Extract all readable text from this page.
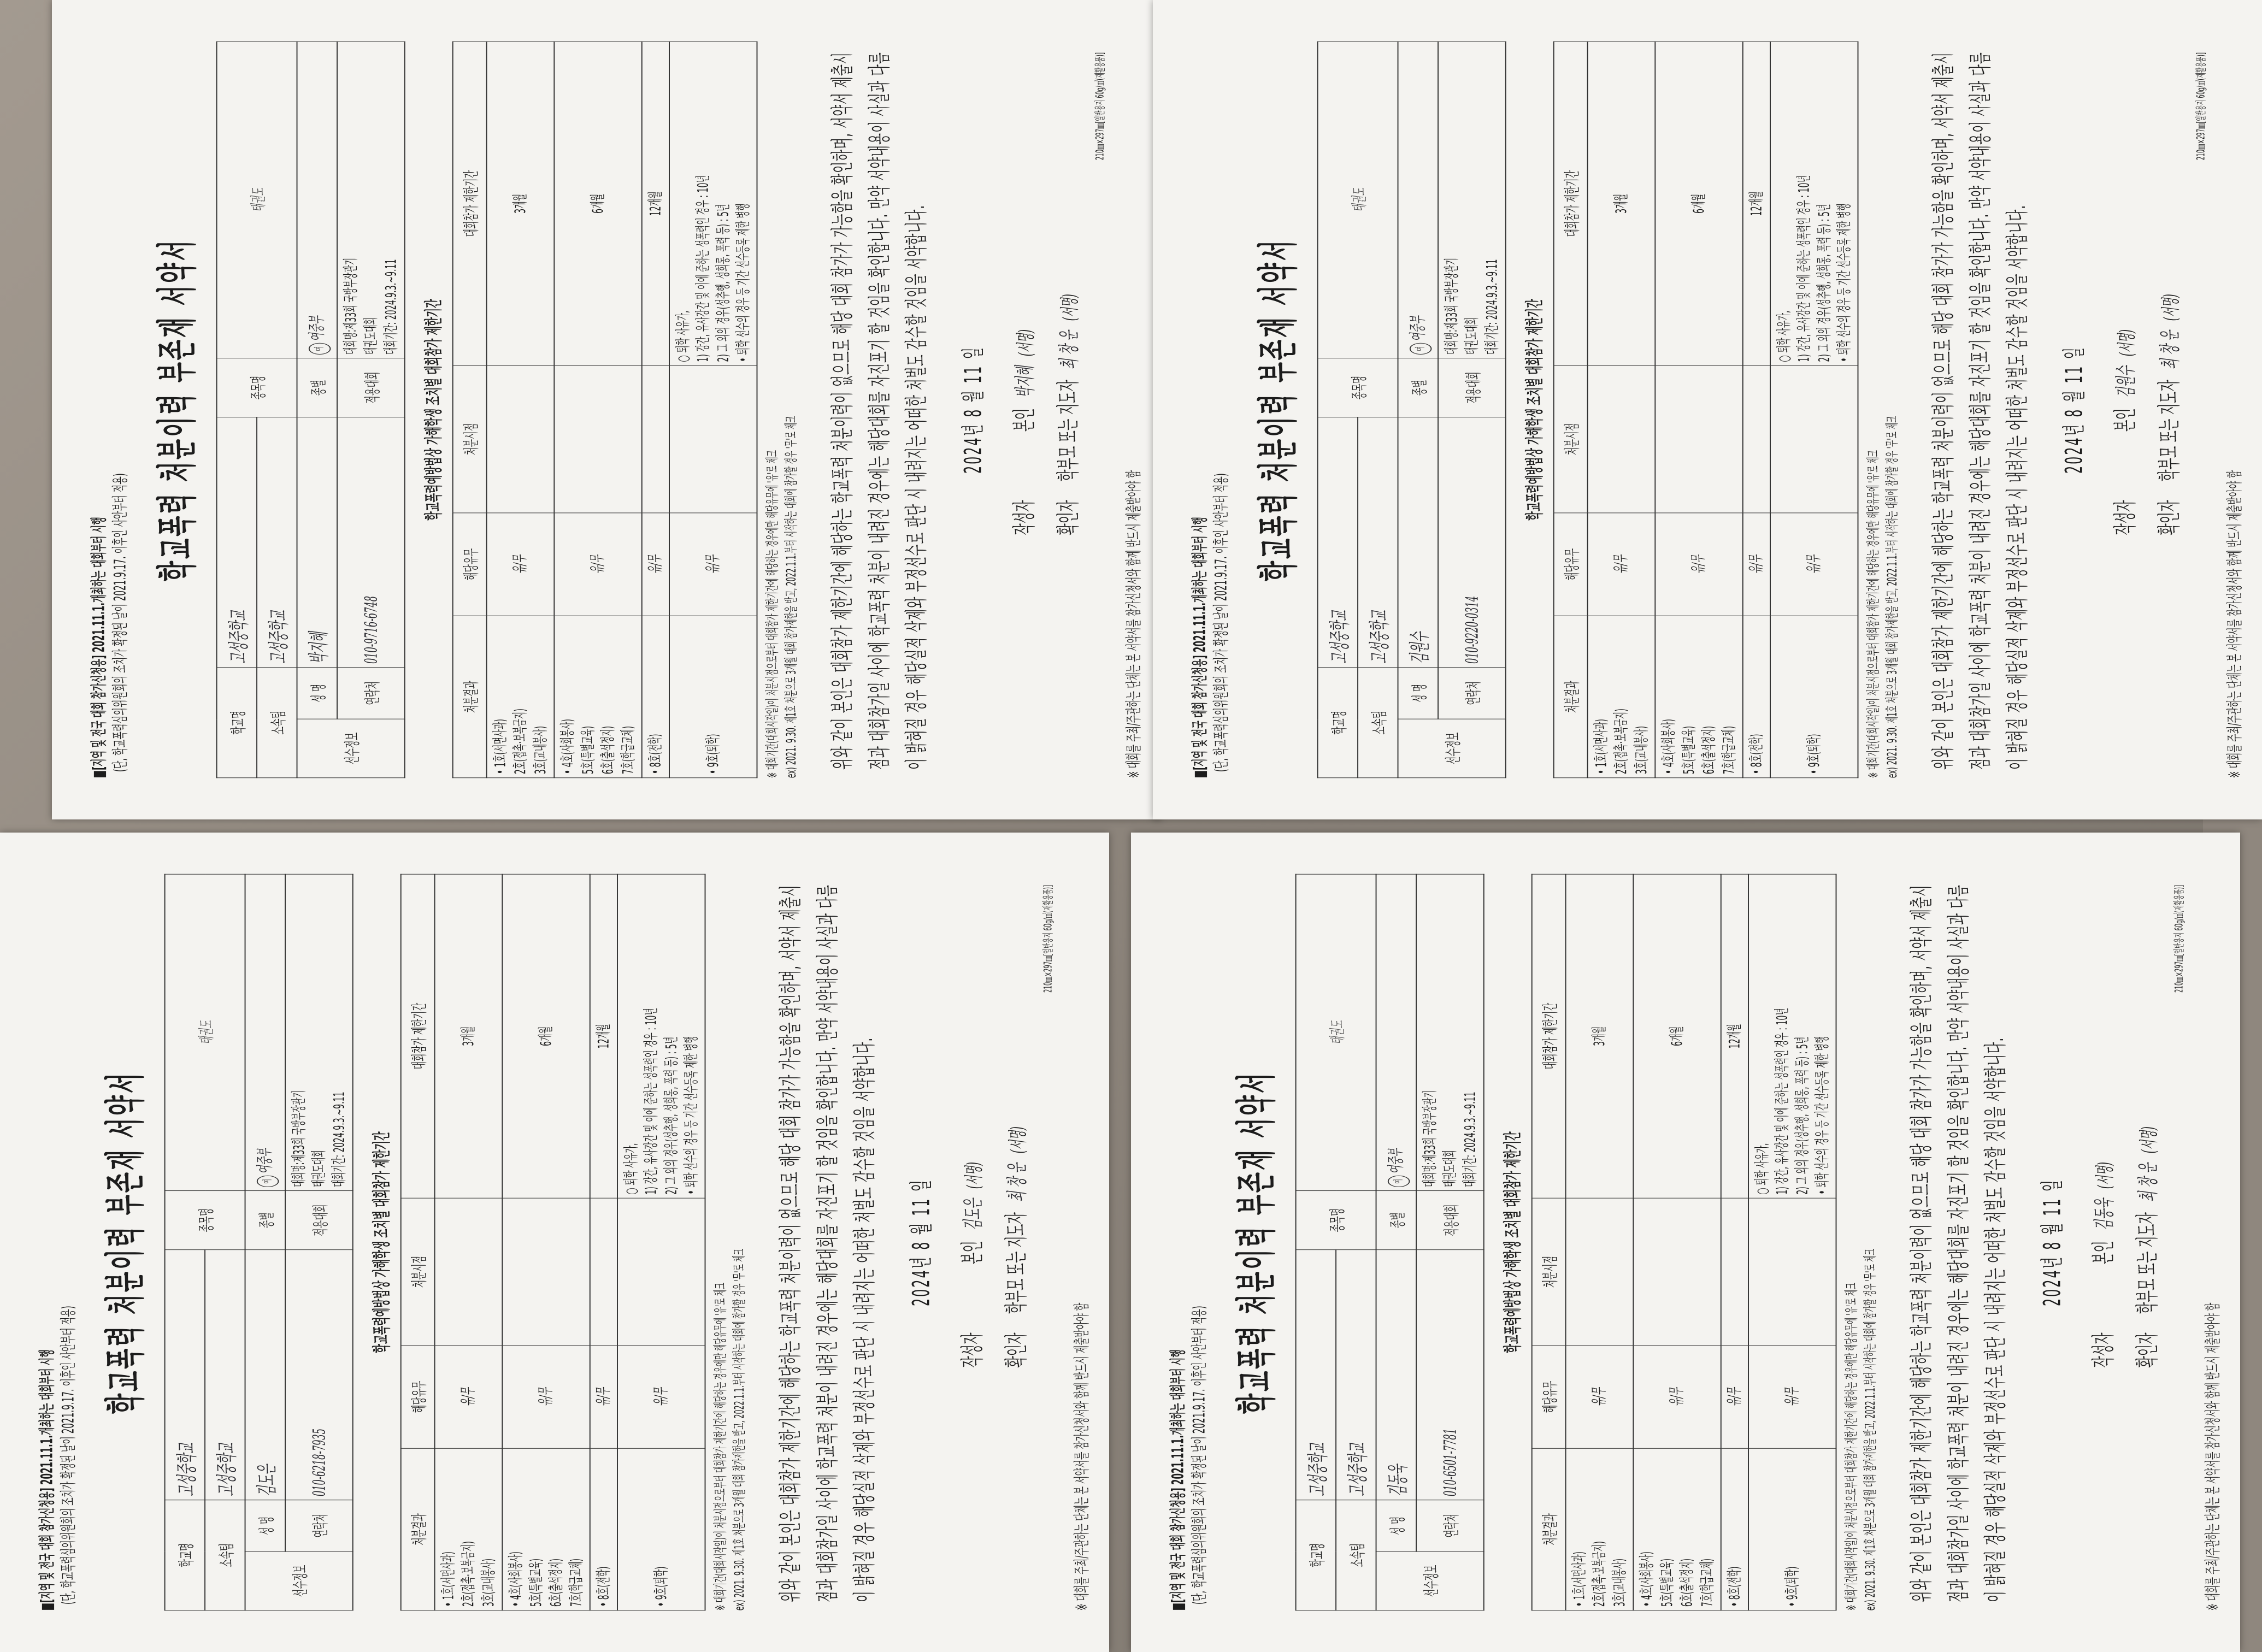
■[지역 및 전국 대회 참가신청용] 2021.11.1.개최하는 대회부터 시행 (단, 학교폭력심의위원회의 조치가 확정된 날이 2021.9.17. 이후인 사안부터 적용)
학교폭력 처분이력 부존재 서약서
학교명		고성중학교	종목명	태권도
소속팀		고성중학교		
선수정보	성 명	박지혜	종별	여여중부
	연락처	010-9716-6748	적용대회	대회명:제33회 국방부장관기 태권도대회 대회기간: 2024.9.3.~9.11 학교폭력예방법상 가해학생 조치별 대회참가 제한기간
처분결과	해당유무	처분시점	대회참가 제한기간

• 1호(서면사과) 2호(접촉·보복금지) 3호(교내봉사)	유/무		3개월

• 4호(사회봉사) 5호(특별교육) 6호(출석정지) 7호(학급교체)	유/무		6개월

• 8호(전학)	유/무		12개월

• 9호(퇴학)	유/무		○ 퇴학 사유가, 1) 강간, 유사강간 및 이에 준하는 성폭력인 경우 : 10년 2) 그 외의 경우(성추행, 성희롱, 폭력 등) : 5년 • 퇴학 선수의 경우 등 기간 선수등록 제한 병행
※ 대회기간(대회시작일)이 처분시점으로부터 대회참가 제한기간에 해당하는 경우에만 해당유무에 '유'로 체크 ex) 2021. 9.30. 제1호 처분으로 3개월 대회 참가제한을 받고, 2022.1.1.부터 시작하는 대회에 참가할 경우 '무'로 체크 위와 같이 본인은 대회참가 제한기간에 해당하는 학교폭력 처분이력이 없으므로 해당 대회 참가가 가능함을 확인하며, 서약서 제출시점과 대회참가일 사이에 학교폭력 처분이 내려진 경우에는 해당대회를 자진포기 할 것임을 확인합니다. 만약 서약내용이 사실과 다름이 밝혀질 경우 해당실적 삭제와 부정선수로 판단 시 내려지는 어떠한 처벌도 감수할 것임을 서약합니다. 2024년 8 월 11 일
작성자  본인 박지혜 (서명)
확인자  학부모 또는 지도자 최 창 운 (서명)
210㎜×297㎜[일반용지 60g/㎡(재활용품)]
※ 대회를 주최/주관하는 단체는 본 서약서를 참가신청서와 함께 반드시 제출받아야 함	■[지역 및 전국 대회 참가신청용] 2021.11.1.개최하는 대회부터 시행 (단, 학교폭력심의위원회의 조치가 확정된 날이 2021.9.17. 이후인 사안부터 적용)
학교폭력 처분이력 부존재 서약서
학교명		고성중학교	종목명	태권도
소속팀		고성중학교		
선수정보	성 명	김원수	종별	여여중부
	연락처	010-9220-0314	적용대회	대회명:제33회 국방부장관기 태권도대회 대회기간: 2024.9.3.~9.11 학교폭력예방법상 가해학생 조치별 대회참가 제한기간
처분결과	해당유무	처분시점	대회참가 제한기간

• 1호(서면사과) 2호(접촉·보복금지) 3호(교내봉사)	유/무		3개월

• 4호(사회봉사) 5호(특별교육) 6호(출석정지) 7호(학급교체)	유/무		6개월

• 8호(전학)	유/무		12개월

• 9호(퇴학)	유/무		○ 퇴학 사유가, 1) 강간, 유사강간 및 이에 준하는 성폭력인 경우 : 10년 2) 그 외의 경우(성추행, 성희롱, 폭력 등) : 5년 • 퇴학 선수의 경우 등 기간 선수등록 제한 병행
※ 대회기간(대회시작일)이 처분시점으로부터 대회참가 제한기간에 해당하는 경우에만 해당유무에 '유'로 체크 ex) 2021. 9.30. 제1호 처분으로 3개월 대회 참가제한을 받고, 2022.1.1.부터 시작하는 대회에 참가할 경우 '무'로 체크 위와 같이 본인은 대회참가 제한기간에 해당하는 학교폭력 처분이력이 없으므로 해당 대회 참가가 가능함을 확인하며, 서약서 제출시점과 대회참가일 사이에 학교폭력 처분이 내려진 경우에는 해당대회를 자진포기 할 것임을 확인합니다. 만약 서약내용이 사실과 다름이 밝혀질 경우 해당실적 삭제와 부정선수로 판단 시 내려지는 어떠한 처벌도 감수할 것임을 서약합니다. 2024년 8 월 11 일
작성자  본인 김원수 (서명)
확인자  학부모 또는 지도자 최 창 운 (서명)
210㎜×297㎜[일반용지 60g/㎡(재활용품)]
※ 대회를 주최/주관하는 단체는 본 서약서를 참가신청서와 함께 반드시 제출받아야 함
■[지역 및 전국 대회 참가신청용] 2021.11.1.개최하는 대회부터 시행 (단, 학교폭력심의위원회의 조치가 확정된 날이 2021.9.17. 이후인 사안부터 적용)
학교폭력 처분이력 부존재 서약서
학교명		고성중학교	종목명	태권도
소속팀		고성중학교		
선수정보	성 명	김도은	종별	여여중부
	연락처	010-6218-7935	적용대회	대회명:제33회 국방부장관기 태권도대회 대회기간: 2024.9.3.~9.11 학교폭력예방법상 가해학생 조치별 대회참가 제한기간
처분결과	해당유무	처분시점	대회참가 제한기간

• 1호(서면사과) 2호(접촉·보복금지) 3호(교내봉사)	유/무		3개월

• 4호(사회봉사) 5호(특별교육) 6호(출석정지) 7호(학급교체)	유/무		6개월

• 8호(전학)	유/무		12개월

• 9호(퇴학)	유/무		○ 퇴학 사유가, 1) 강간, 유사강간 및 이에 준하는 성폭력인 경우 : 10년 2) 그 외의 경우(성추행, 성희롱, 폭력 등) : 5년 • 퇴학 선수의 경우 등 기간 선수등록 제한 병행
※ 대회기간(대회시작일)이 처분시점으로부터 대회참가 제한기간에 해당하는 경우에만 해당유무에 '유'로 체크 ex) 2021. 9.30. 제1호 처분으로 3개월 대회 참가제한을 받고, 2022.1.1.부터 시작하는 대회에 참가할 경우 '무'로 체크 위와 같이 본인은 대회참가 제한기간에 해당하는 학교폭력 처분이력이 없으므로 해당 대회 참가가 가능함을 확인하며, 서약서 제출시점과 대회참가일 사이에 학교폭력 처분이 내려진 경우에는 해당대회를 자진포기 할 것임을 확인합니다. 만약 서약내용이 사실과 다름이 밝혀질 경우 해당실적 삭제와 부정선수로 판단 시 내려지는 어떠한 처벌도 감수할 것임을 서약합니다. 2024년 8 월 11 일
작성자  본인 김도은 (서명)
확인자  학부모 또는 지도자 최 창 운 (서명)
210㎜×297㎜[일반용지 60g/㎡(재활용품)]
※ 대회를 주최/주관하는 단체는 본 서약서를 참가신청서와 함께 반드시 제출받아야 함	■[지역 및 전국 대회 참가신청용] 2021.11.1.개최하는 대회부터 시행 (단, 학교폭력심의위원회의 조치가 확정된 날이 2021.9.17. 이후인 사안부터 적용)
학교폭력 처분이력 부존재 서약서
학교명		고성중학교	종목명	태권도
소속팀		고성중학교		
선수정보	성 명	김동욱	종별	여여중부
	연락처	010-6501-7781	적용대회	대회명:제33회 국방부장관기 태권도대회 대회기간: 2024.9.3.~9.11 학교폭력예방법상 가해학생 조치별 대회참가 제한기간
처분결과	해당유무	처분시점	대회참가 제한기간

• 1호(서면사과) 2호(접촉·보복금지) 3호(교내봉사)	유/무		3개월

• 4호(사회봉사) 5호(특별교육) 6호(출석정지) 7호(학급교체)	유/무		6개월

• 8호(전학)	유/무		12개월

• 9호(퇴학)	유/무		○ 퇴학 사유가, 1) 강간, 유사강간 및 이에 준하는 성폭력인 경우 : 10년 2) 그 외의 경우(성추행, 성희롱, 폭력 등) : 5년 • 퇴학 선수의 경우 등 기간 선수등록 제한 병행
※ 대회기간(대회시작일)이 처분시점으로부터 대회참가 제한기간에 해당하는 경우에만 해당유무에 '유'로 체크 ex) 2021. 9.30. 제1호 처분으로 3개월 대회 참가제한을 받고, 2022.1.1.부터 시작하는 대회에 참가할 경우 '무'로 체크 위와 같이 본인은 대회참가 제한기간에 해당하는 학교폭력 처분이력이 없으므로 해당 대회 참가가 가능함을 확인하며, 서약서 제출시점과 대회참가일 사이에 학교폭력 처분이 내려진 경우에는 해당대회를 자진포기 할 것임을 확인합니다. 만약 서약내용이 사실과 다름이 밝혀질 경우 해당실적 삭제와 부정선수로 판단 시 내려지는 어떠한 처벌도 감수할 것임을 서약합니다. 2024년 8 월 11 일
작성자  본인 김동욱 (서명)
확인자  학부모 또는 지도자 최 창 운 (서명)
210㎜×297㎜[일반용지 60g/㎡(재활용품)]
※ 대회를 주최/주관하는 단체는 본 서약서를 참가신청서와 함께 반드시 제출받아야 함
